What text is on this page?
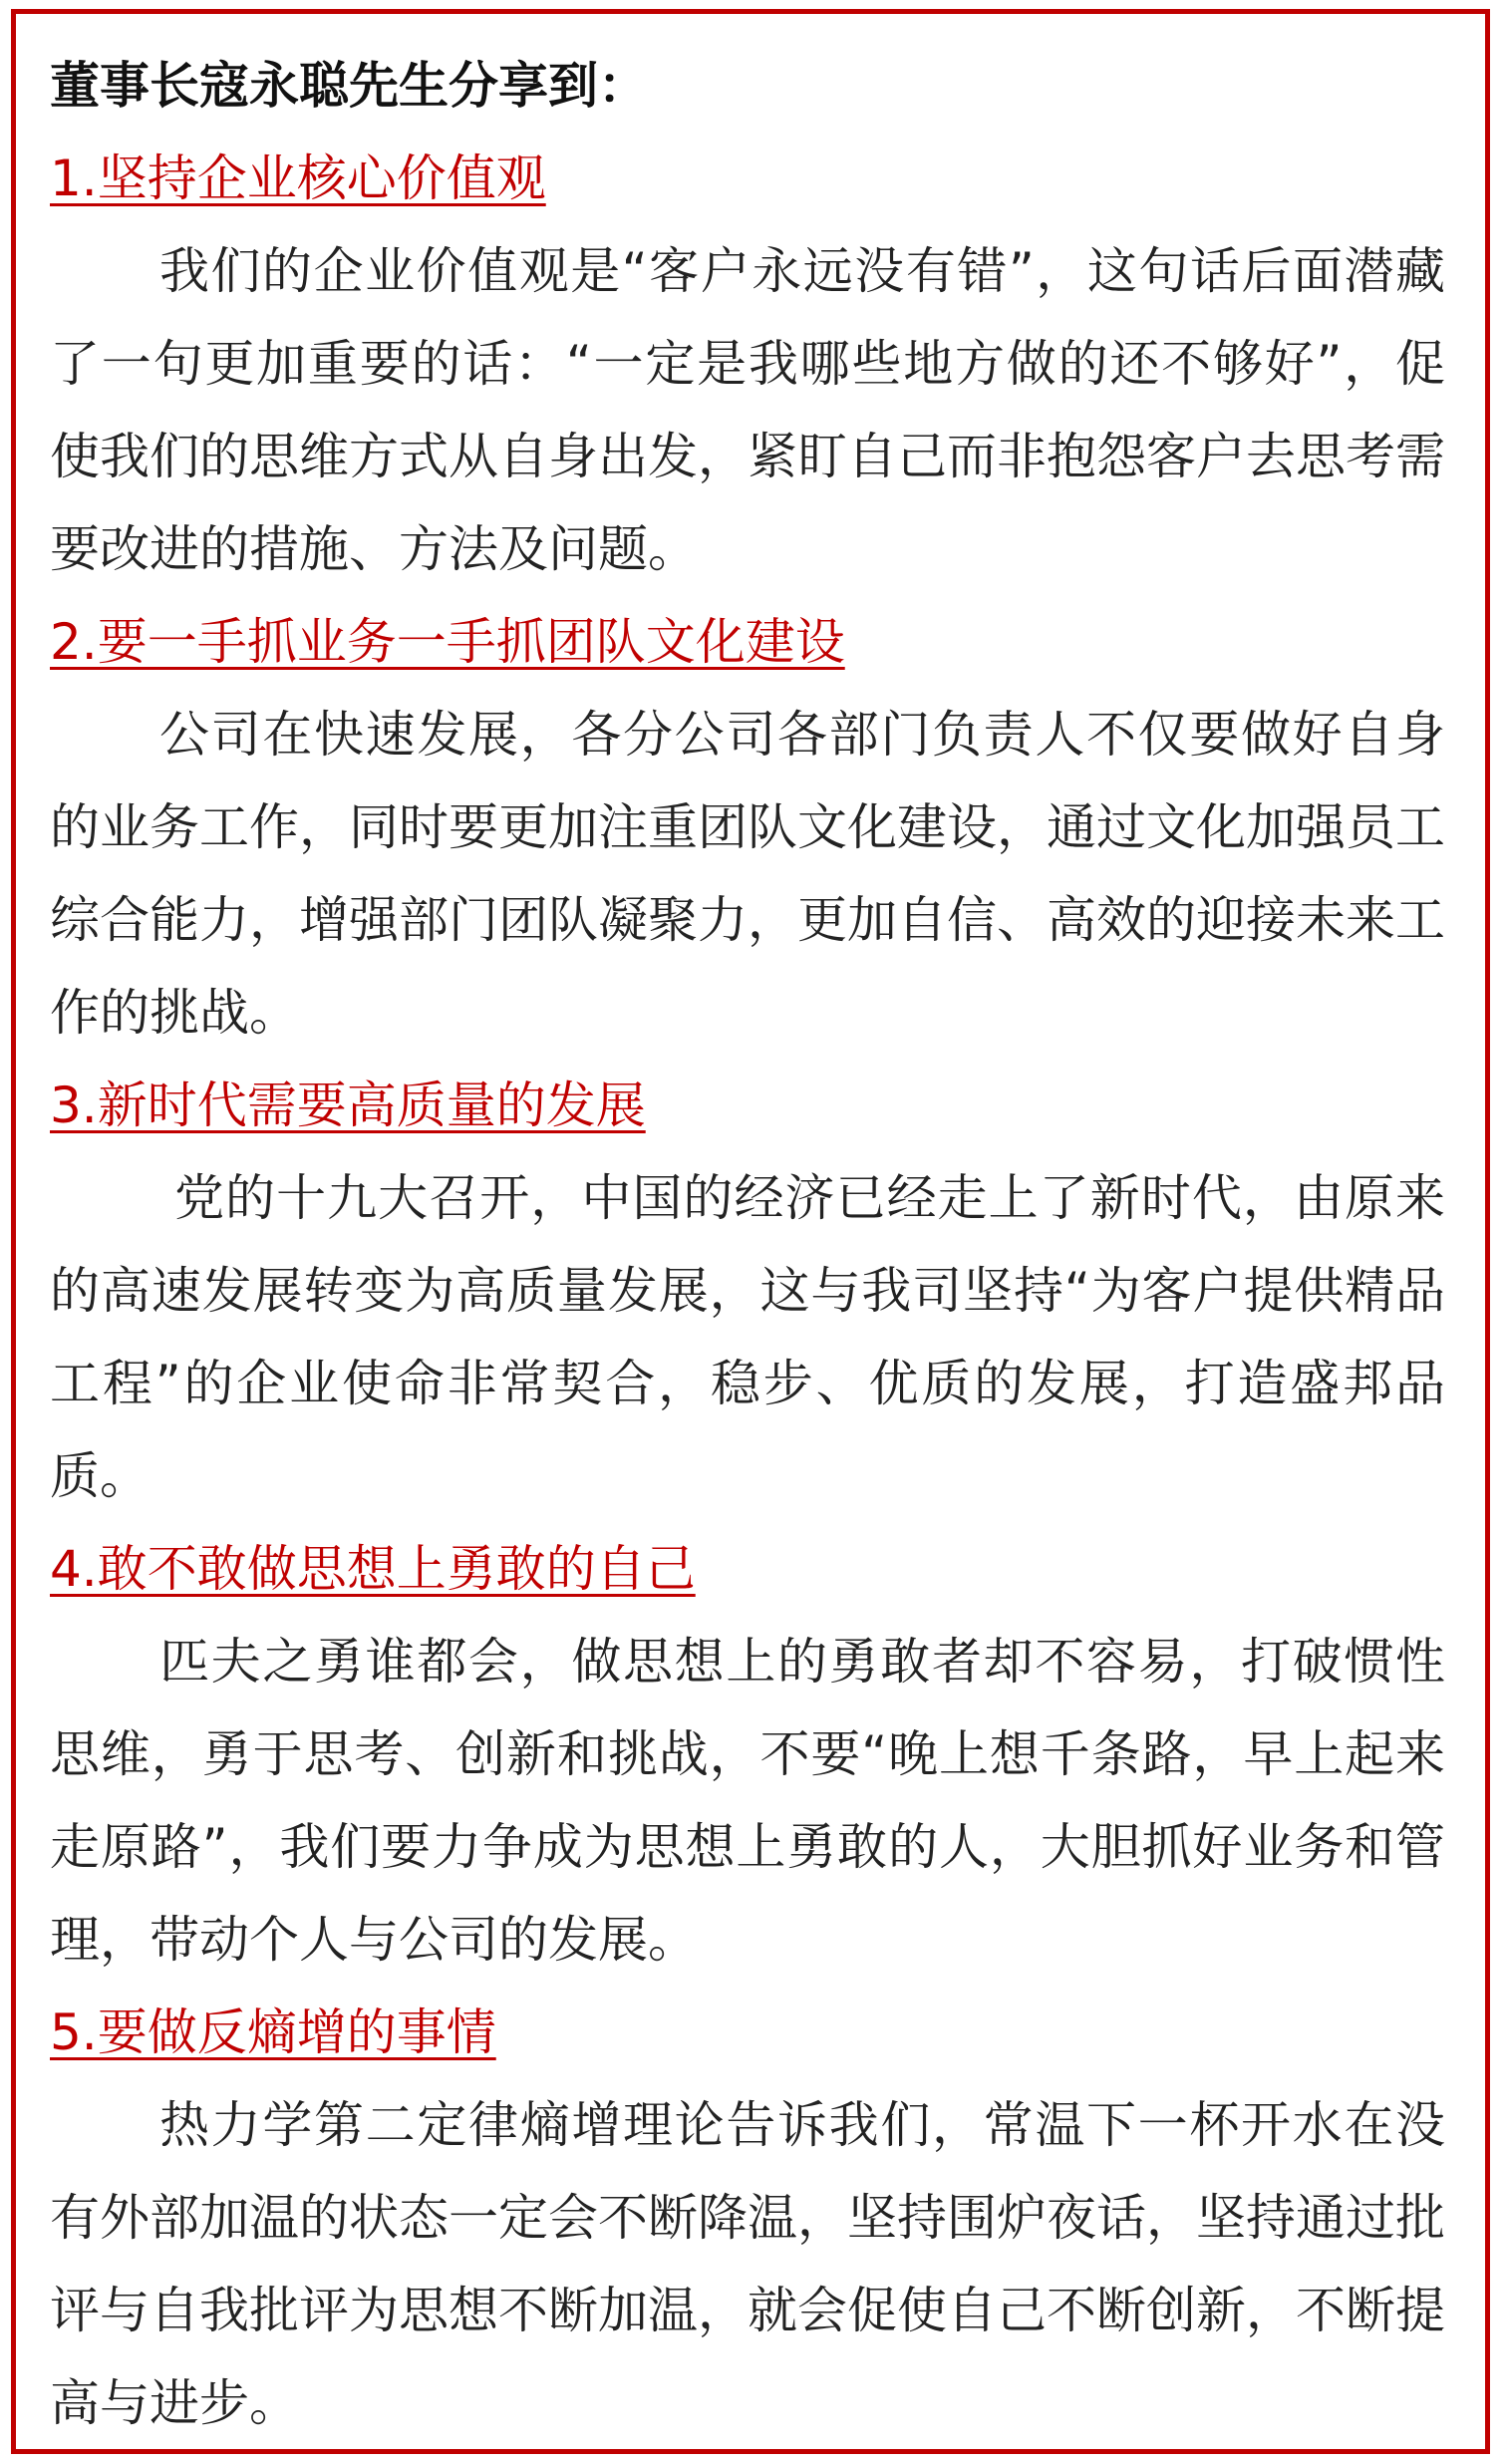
董事长寇永聪先生分享到：

1.坚持企业核心价值观

我们的企业价值观是“客户永远没有错”，这句话后面潜藏了一句更加重要的话：“一定是我哪些地方做的还不够好”，促使我们的思维方式从自身出发，紧盯自己而非抱怨客户去思考需要改进的措施、方法及问题。

2.要一手抓业务一手抓团队文化建设

公司在快速发展，各分公司各部门负责人不仅要做好自身的业务工作，同时要更加注重团队文化建设，通过文化加强员工综合能力，增强部门团队凝聚力，更加自信、高效的迎接未来工作的挑战。

3.新时代需要高质量的发展

党的十九大召开，中国的经济已经走上了新时代，由原来的高速发展转变为高质量发展，这与我司坚持“为客户提供精品工程”的企业使命非常契合，稳步、优质的发展，打造盛邦品质。

4.敢不敢做思想上勇敢的自己

匹夫之勇谁都会，做思想上的勇敢者却不容易，打破惯性思维，勇于思考、创新和挑战，不要“晚上想千条路，早上起来走原路”，我们要力争成为思想上勇敢的人，大胆抓好业务和管理，带动个人与公司的发展。

5.要做反熵增的事情

热力学第二定律熵增理论告诉我们，常温下一杯开水在没有外部加温的状态一定会不断降温，坚持围炉夜话，坚持通过批评与自我批评为思想不断加温，就会促使自己不断创新，不断提高与进步。
